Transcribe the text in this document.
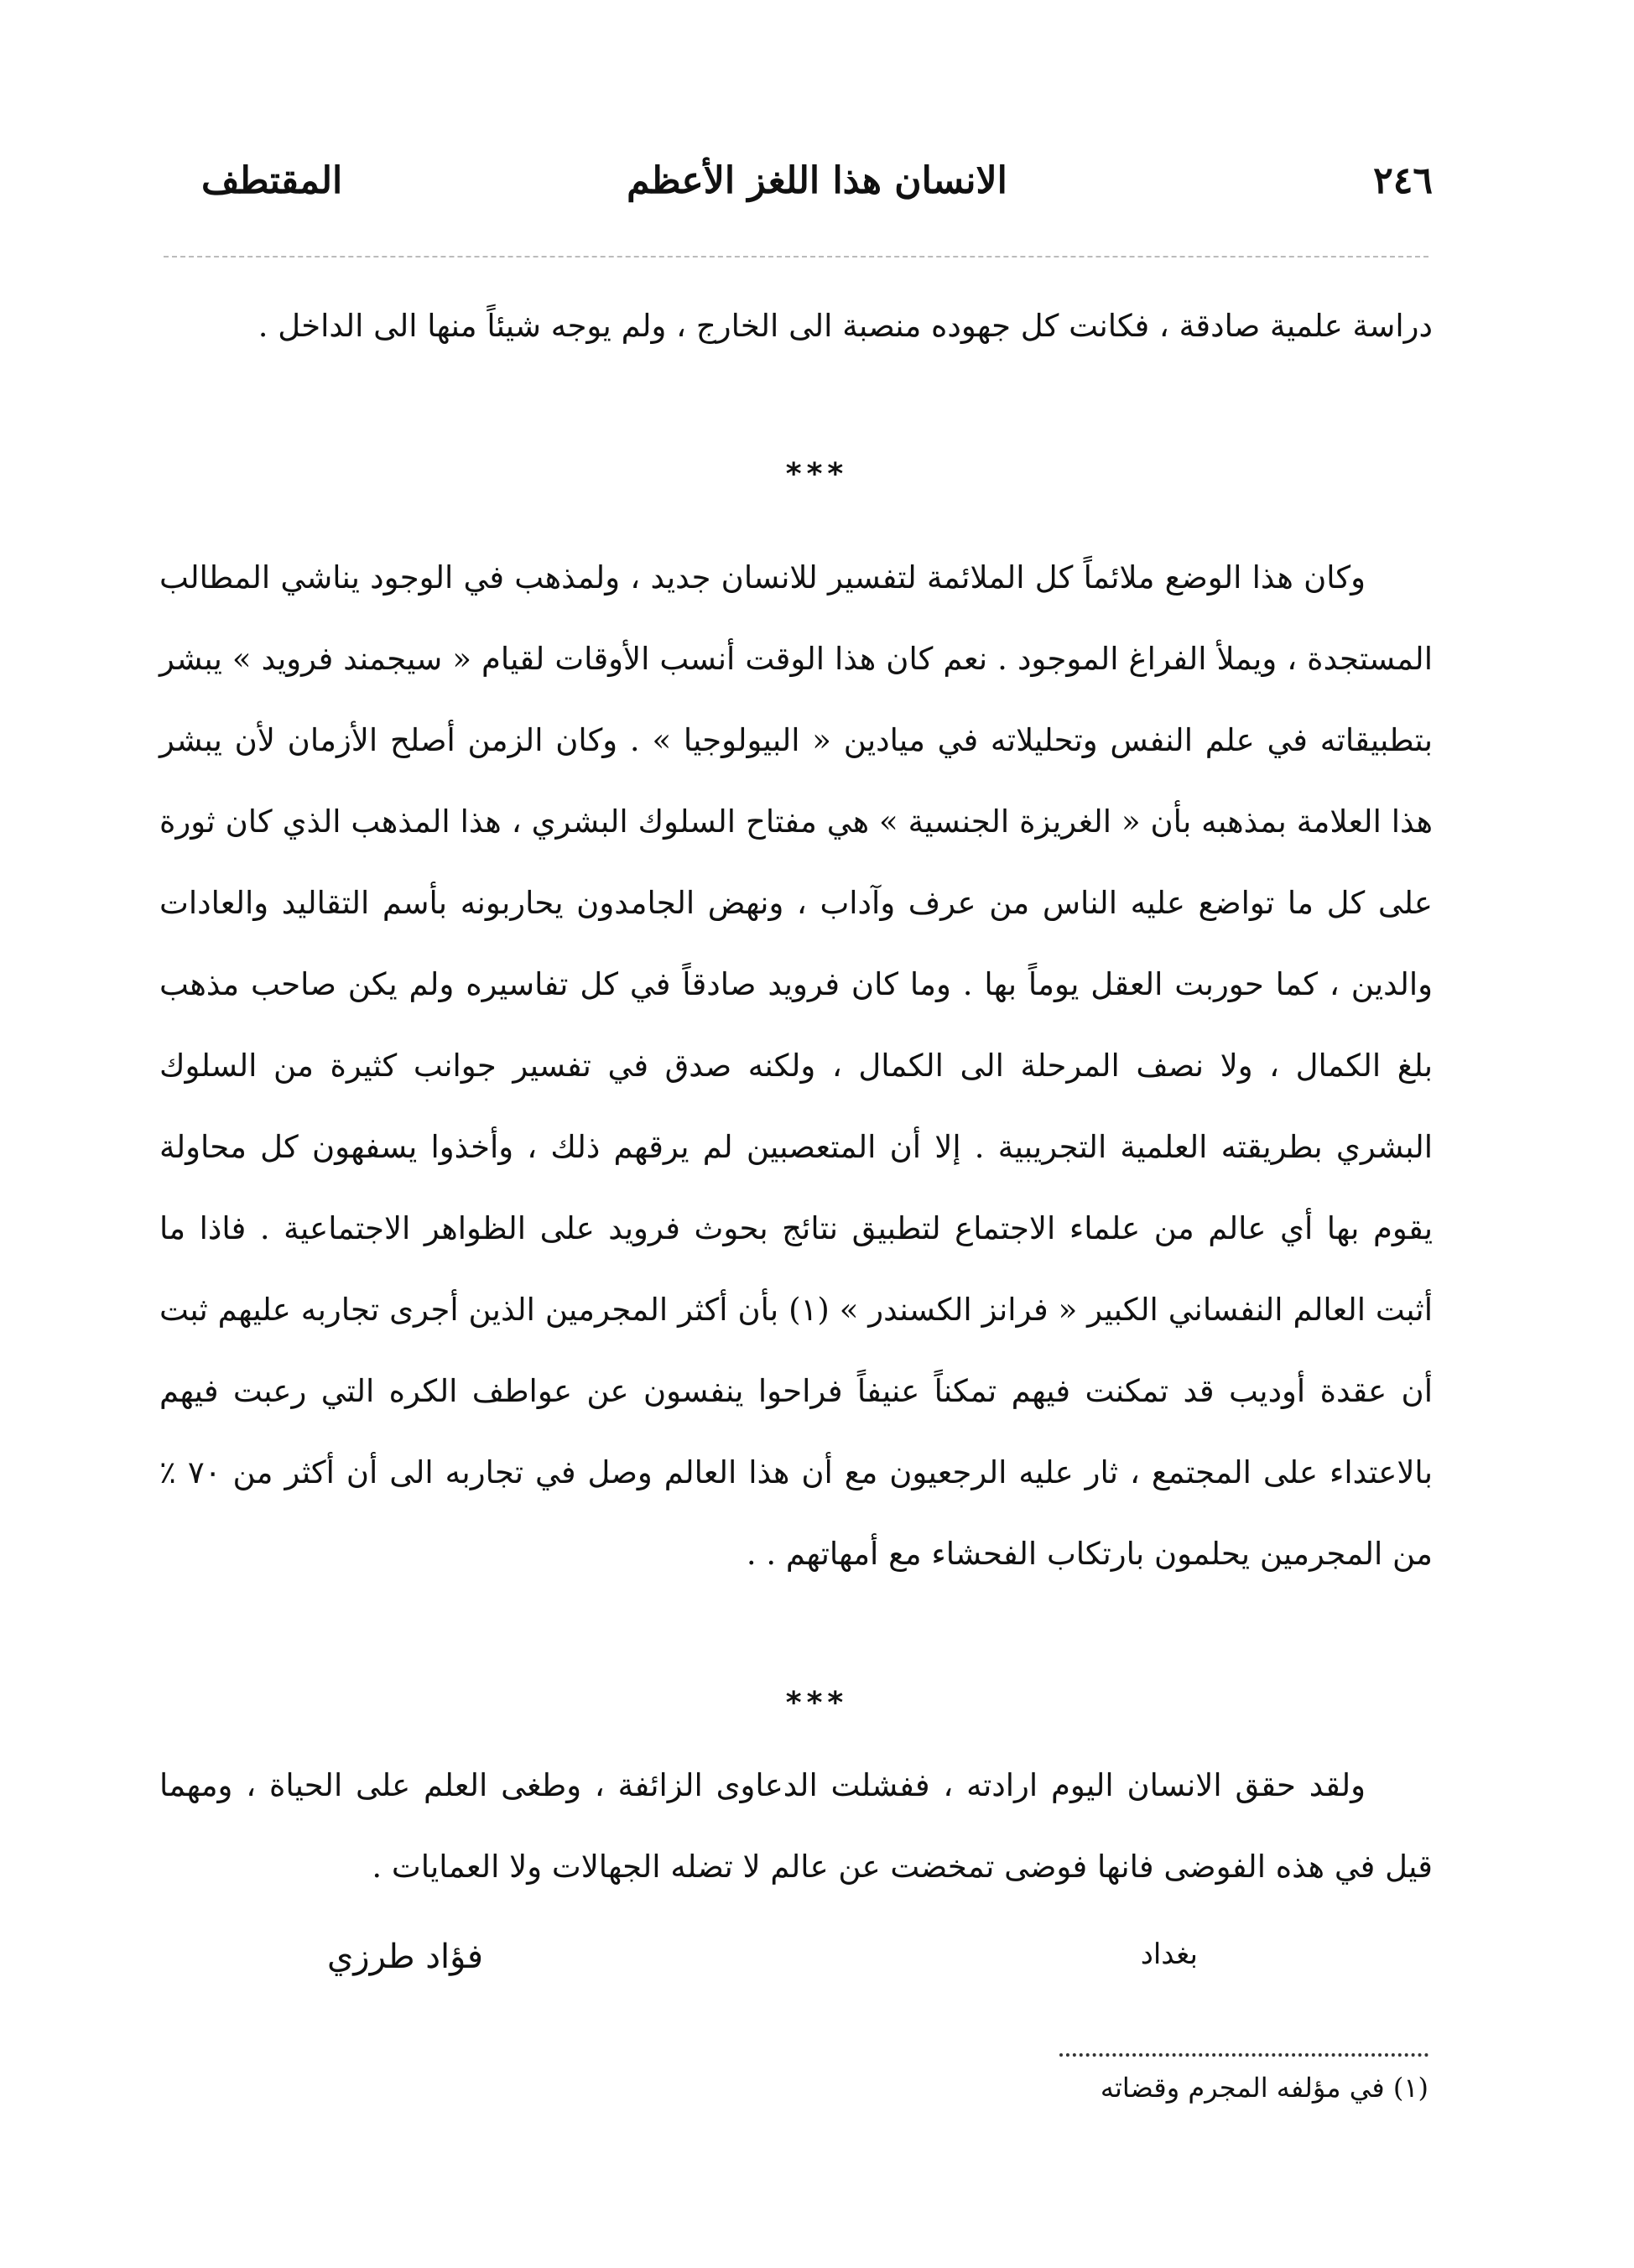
٢٤٦
الانسان هذا اللغز الأعظم
المقتطف

دراسة علمية صادقة ، فكانت كل جهوده منصبة الى الخارج ، ولم يوجه شيئاً منها الى الداخل .

***

وكان هذا الوضع ملائماً كل الملائمة لتفسير للانسان جديد ، ولمذهب في الوجود يناشي المطالب المستجدة ، ويملأ الفراغ الموجود . نعم كان هذا الوقت أنسب الأوقات لقيام « سيجمند فرويد » يبشر بتطبيقاته في علم النفس وتحليلاته في ميادين « البيولوجيا » . وكان الزمن أصلح الأزمان لأن يبشر هذا العلامة بمذهبه بأن « الغريزة الجنسية » هي مفتاح السلوك البشري ، هذا المذهب الذي كان ثورة على كل ما تواضع عليه الناس من عرف وآداب ، ونهض الجامدون يحاربونه بأسم التقاليد والعادات والدين ، كما حوربت العقل يوماً بها . وما كان فرويد صادقاً في كل تفاسيره ولم يكن صاحب مذهب بلغ الكمال ، ولا نصف المرحلة الى الكمال ، ولكنه صدق في تفسير جوانب كثيرة من السلوك البشري بطريقته العلمية التجريبية . إلا أن المتعصبين لم يرقهم ذلك ، وأخذوا يسفهون كل محاولة يقوم بها أي عالم من علماء الاجتماع لتطبيق نتائج بحوث فرويد على الظواهر الاجتماعية . فاذا ما أثبت العالم النفساني الكبير « فرانز الكسندر » (١) بأن أكثر المجرمين الذين أجرى تجاربه عليهم ثبت أن عقدة أوديب قد تمكنت فيهم تمكناً عنيفاً فراحوا ينفسون عن عواطف الكره التي رعبت فيهم بالاعتداء على المجتمع ، ثار عليه الرجعيون مع أن هذا العالم وصل في تجاربه الى أن أكثر من ٧٠ ٪ من المجرمين يحلمون بارتكاب الفحشاء مع أمهاتهم . .

***

ولقد حقق الانسان اليوم ارادته ، ففشلت الدعاوى الزائفة ، وطغى العلم على الحياة ، ومهما قيل في هذه الفوضى فانها فوضى تمخضت عن عالم لا تضله الجهالات ولا العمايات .

بغداد
فؤاد طرزي
(١) في مؤلفه المجرم وقضاته
